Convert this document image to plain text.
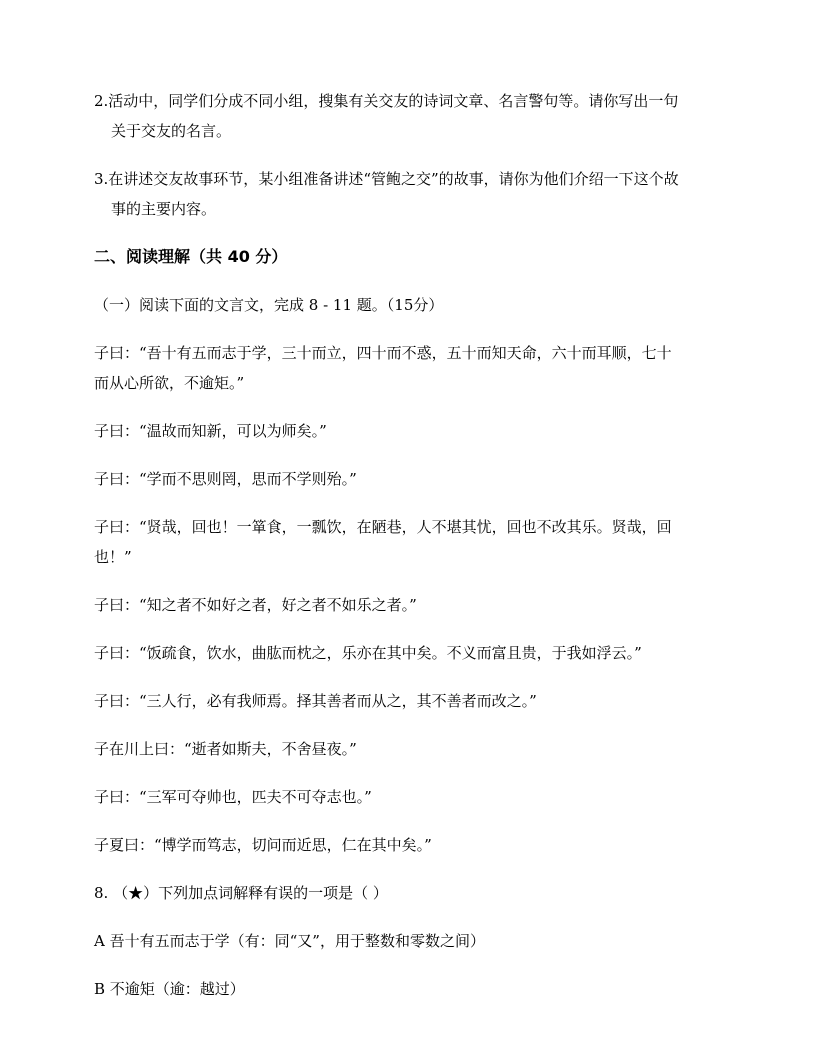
2.活动中，同学们分成不同小组，搜集有关交友的诗词文章、名言警句等。请你写出一句

关于交友的名言。

3.在讲述交友故事环节，某小组准备讲述“管鲍之交”的故事，请你为他们介绍一下这个故

事的主要内容。

二、阅读理解（共 40 分）

（一）阅读下面的文言文，完成 8 - 11 题。（15分）

子曰：“吾十有五而志于学，三十而立，四十而不惑，五十而知天命，六十而耳顺，七十

而从心所欲，不逾矩。”

子曰：“温故而知新，可以为师矣。”

子曰：“学而不思则罔，思而不学则殆。”

子曰：“贤哉，回也！一箪食，一瓢饮，在陋巷，人不堪其忧，回也不改其乐。贤哉，回

也！”

子曰：“知之者不如好之者，好之者不如乐之者。”

子曰：“饭疏食，饮水，曲肱而枕之，乐亦在其中矣。不义而富且贵，于我如浮云。”

子曰：“三人行，必有我师焉。择其善者而从之，其不善者而改之。”

子在川上曰：“逝者如斯夫，不舍昼夜。”

子曰：“三军可夺帅也，匹夫不可夺志也。”

子夏曰：“博学而笃志，切问而近思，仁在其中矣。”

8. （★）下列加点词解释有误的一项是（ ）

A 吾十有五而志于学（有：同“又”，用于整数和零数之间）

B 不逾矩（逾：越过）
